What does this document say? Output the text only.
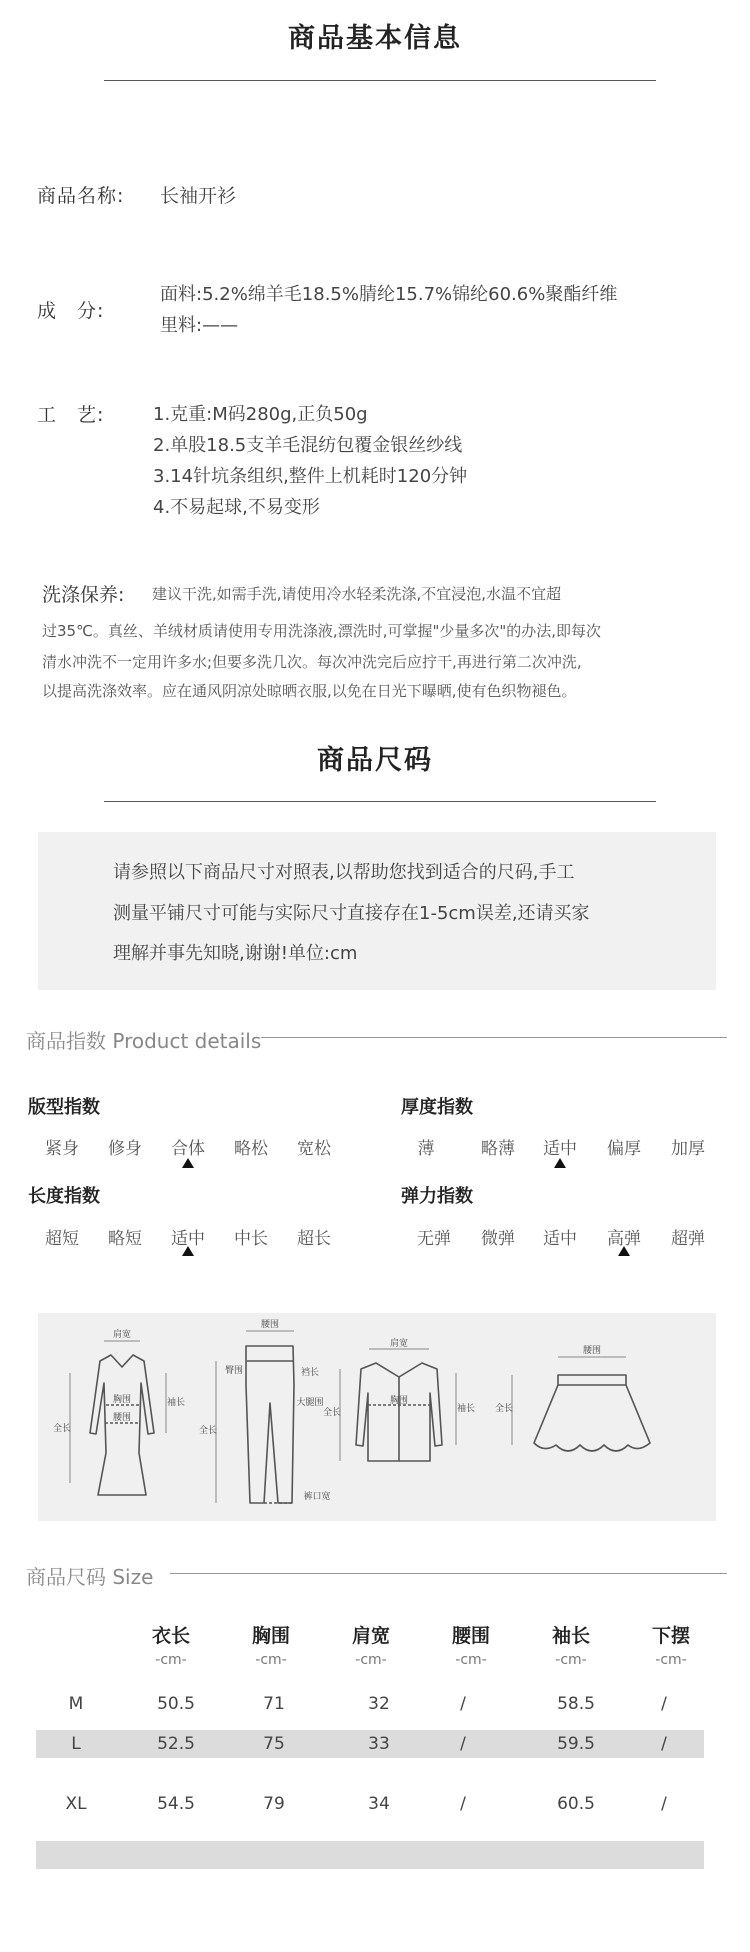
商品基本信息
商品名称: 长袖开衫
成　分:
面料:5.2%绵羊毛18.5%腈纶15.7%锦纶60.6%聚酯纤维
里料:——
工　艺:	1.克重:M码280g,正负50g
2.单股18.5支羊毛混纺包覆金银丝纱线
3.14针坑条组织,整件上机耗时120分钟
4.不易起球,不易变形
洗涤保养: 建议干洗,如需手洗,请使用冷水轻柔洗涤,不宜浸泡,水温不宜超
过35℃。真丝、羊绒材质请使用专用洗涤液,漂洗时,可掌握"少量多次"的办法,即每次
清水冲洗不一定用许多水;但要多洗几次。每次冲洗完后应拧干,再进行第二次冲洗,
以提高洗涤效率。应在通风阴凉处晾晒衣服,以免在日光下曝晒,使有色织物褪色。
商品尺码
请参照以下商品尺寸对照表,以帮助您找到适合的尺码,手工
测量平铺尺寸可能与实际尺寸直接存在1-5cm误差,还请买家
理解并事先知晓,谢谢!单位:cm
商品指数 Product details
版型指数
紧身	修身	合体	略松	宽松
厚度指数
薄	略薄	适中	偏厚	加厚
长度指数
超短	略短	适中	中长	超长
弹力指数
无弹	微弹	适中	高弹	超弹
肩宽
胸围
腰围
全长
袖长
腰围
臀围	裆长
大腿围
全长
裤口宽
肩宽
胸围
全长	袖长
腰围
全长
商品尺码 Size
衣长	胸围	肩宽	腰围	袖长	下摆
-cm-	-cm-	-cm-	-cm-	-cm-	-cm-
M	50.5	71	32	/	58.5	/
L	52.5	75	33	/	59.5	/
XL	54.5	79	34	/	60.5	/
